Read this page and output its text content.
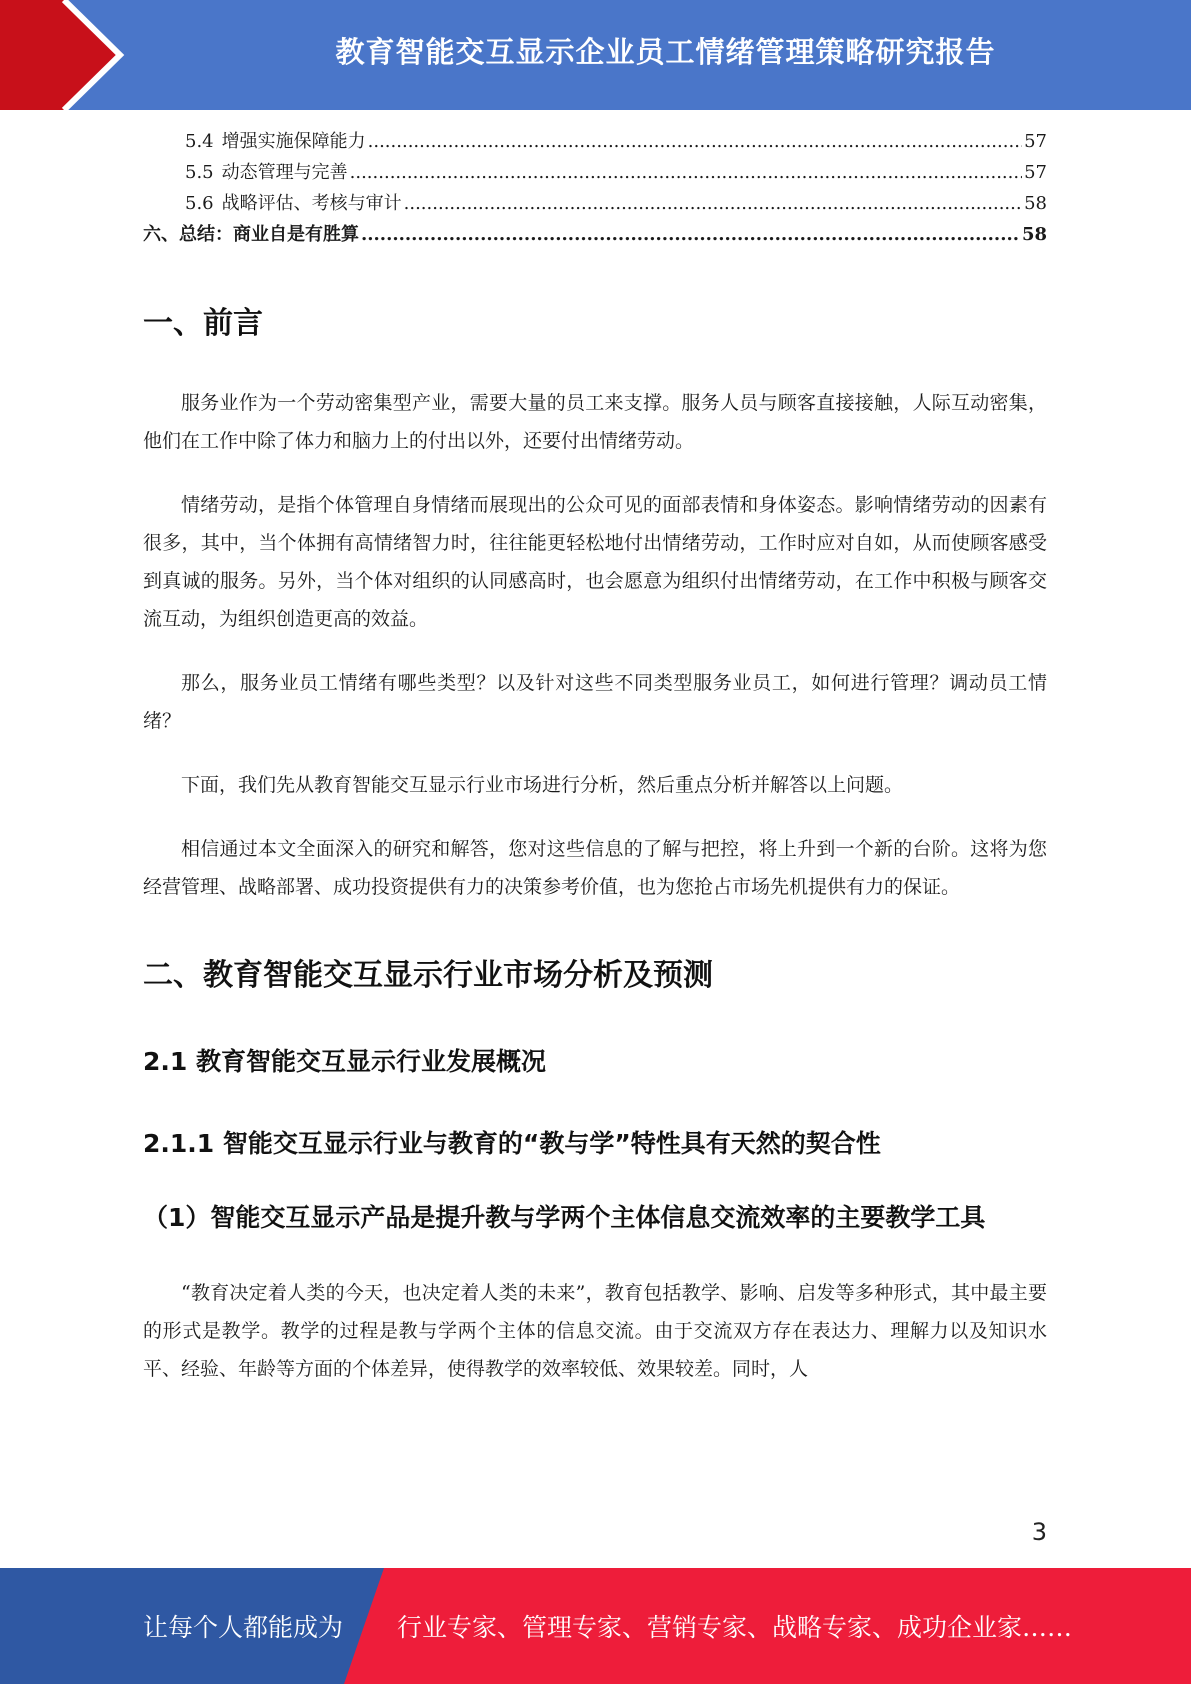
教育智能交互显示企业员工情绪管理策略研究报告
5.4 增强实施保障能力 .....	57
5.5 动态管理与完善 .....	57
5.6 战略评估、考核与审计 .....	58
六、总结：商业自是有胜算 .....	58
一、前言

服务业作为一个劳动密集型产业，需要大量的员工来支撑。服务人员与顾客直接接触，人际互动密集，他们在工作中除了体力和脑力上的付出以外，还要付出情绪劳动。

情绪劳动，是指个体管理自身情绪而展现出的公众可见的面部表情和身体姿态。影响情绪劳动的因素有很多，其中，当个体拥有高情绪智力时，往往能更轻松地付出情绪劳动，工作时应对自如，从而使顾客感受到真诚的服务。另外，当个体对组织的认同感高时，也会愿意为组织付出情绪劳动，在工作中积极与顾客交流互动，为组织创造更高的效益。

那么，服务业员工情绪有哪些类型？以及针对这些不同类型服务业员工，如何进行管理？调动员工情绪？

下面，我们先从教育智能交互显示行业市场进行分析，然后重点分析并解答以上问题。

相信通过本文全面深入的研究和解答，您对这些信息的了解与把控，将上升到一个新的台阶。这将为您经营管理、战略部署、成功投资提供有力的决策参考价值，也为您抢占市场先机提供有力的保证。

二、教育智能交互显示行业市场分析及预测
2.1 教育智能交互显示行业发展概况
2.1.1 智能交互显示行业与教育的“教与学”特性具有天然的契合性
（1）智能交互显示产品是提升教与学两个主体信息交流效率的主要教学工具

“教育决定着人类的今天，也决定着人类的未来”，教育包括教学、影响、启发等多种形式，其中最主要的形式是教学。教学的过程是教与学两个主体的信息交流。由于交流双方存在表达力、理解力以及知识水平、经验、年龄等方面的个体差异，使得教学的效率较低、效果较差。同时，人

3
让每个人都能成为 行业专家、管理专家、营销专家、战略专家、成功企业家……
